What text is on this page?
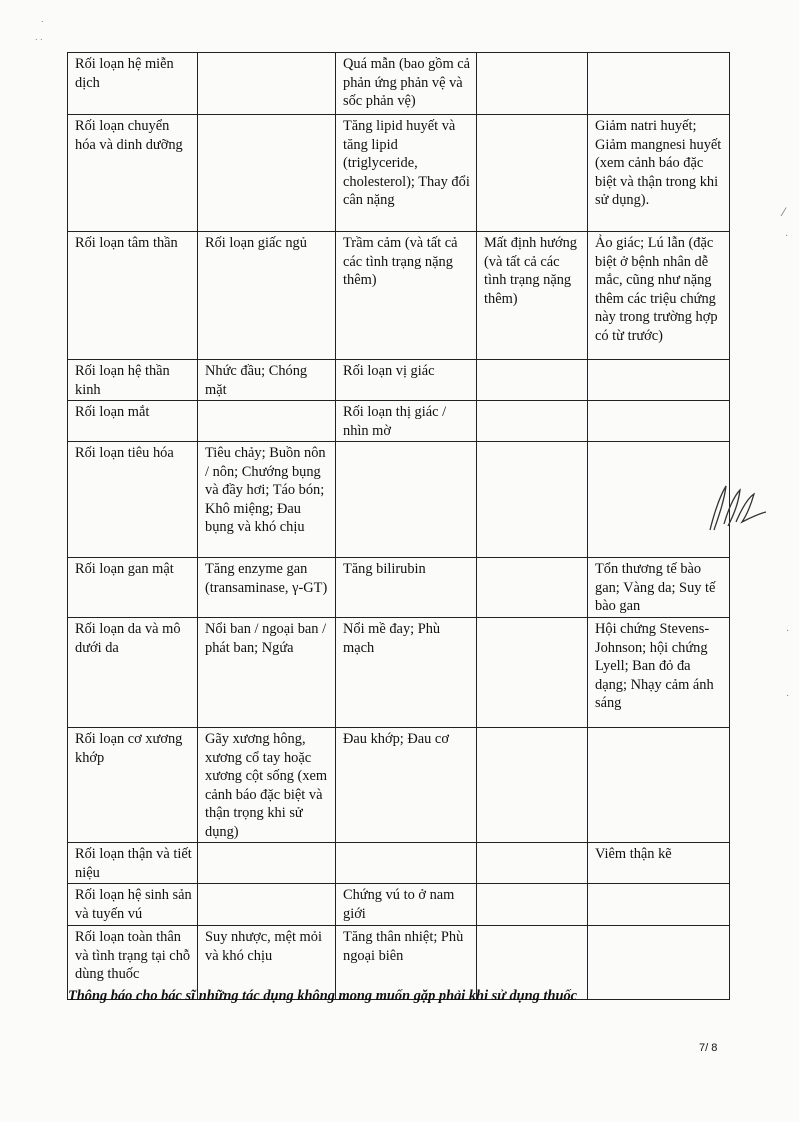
Rối loạn hệ miễn dịch		Quá mẫn (bao gồm cả phản ứng phản vệ và sốc phản vệ)		
Rối loạn chuyển hóa và dinh dưỡng		Tăng lipid huyết và tăng lipid (triglyceride, cholesterol); Thay đổi cân nặng		Giảm natri huyết; Giảm mangnesi huyết (xem cảnh báo đặc biệt và thận trong khi sử dụng).
Rối loạn tâm thần	Rối loạn giấc ngủ	Trầm cảm (và tất cả các tình trạng nặng thêm)	Mất định hướng (và tất cả các tình trạng nặng thêm)	Ảo giác; Lú lẫn (đặc biệt ở bệnh nhân dễ mắc, cũng như nặng thêm các triệu chứng này trong trường hợp có từ trước)
Rối loạn hệ thần kinh	Nhức đầu; Chóng mặt	Rối loạn vị giác		
Rối loạn mắt		Rối loạn thị giác / nhìn mờ		
Rối loạn tiêu hóa	Tiêu chảy; Buồn nôn / nôn; Chướng bụng và đầy hơi; Táo bón; Khô miệng; Đau bụng và khó chịu			
Rối loạn gan mật	Tăng enzyme gan (transaminase, γ-GT)	Tăng bilirubin		Tổn thương tế bào gan; Vàng da; Suy tế bào gan
Rối loạn da và mô dưới da	Nổi ban / ngoại ban / phát ban; Ngứa	Nổi mề đay; Phù mạch		Hội chứng Stevens-Johnson; hội chứng Lyell; Ban đỏ đa dạng; Nhạy cảm ánh sáng
Rối loạn cơ xương khớp	Gãy xương hông, xương cổ tay hoặc xương cột sống (xem cảnh báo đặc biệt và thận trọng khi sử dụng)	Đau khớp; Đau cơ		
Rối loạn thận và tiết niệu				Viêm thận kẽ
Rối loạn hệ sinh sản và tuyến vú		Chứng vú to ở nam giới		
Rối loạn toàn thân và tình trạng tại chỗ dùng thuốc	Suy nhược, mệt mỏi và khó chịu	Tăng thân nhiệt; Phù ngoại biên		
Thông báo cho bác sĩ những tác dụng không mong muốn gặp phải khi sử dụng thuốc
7/ 8
.
. .
⁄
·
·
·
